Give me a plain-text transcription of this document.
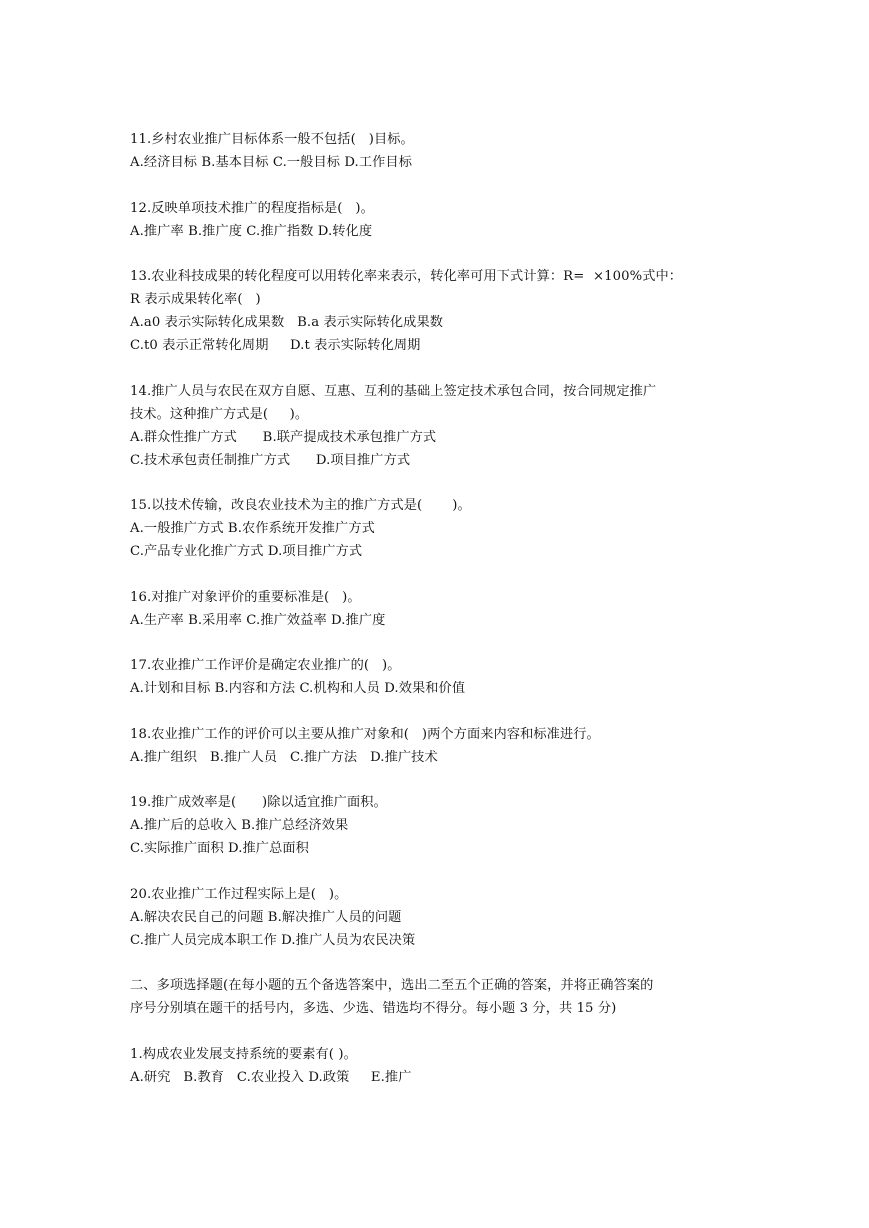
11.乡村农业推广目标体系一般不包括(   )目标。
A.经济目标 B.基本目标 C.一般目标 D.工作目标
12.反映单项技术推广的程度指标是(   )。
A.推广率 B.推广度 C.推广指数 D.转化度
13.农业科技成果的转化程度可以用转化率来表示，转化率可用下式计算：R=  ×100%式中：
R 表示成果转化率(   )
A.a0 表示实际转化成果数   B.a 表示实际转化成果数
C.t0 表示正常转化周期     D.t 表示实际转化周期
14.推广人员与农民在双方自愿、互惠、互利的基础上签定技术承包合同，按合同规定推广
技术。这种推广方式是(     )。
A.群众性推广方式      B.联产提成技术承包推广方式
C.技术承包责任制推广方式      D.项目推广方式
15.以技术传输，改良农业技术为主的推广方式是(       )。
A.一般推广方式 B.农作系统开发推广方式
C.产品专业化推广方式 D.项目推广方式
16.对推广对象评价的重要标准是(   )。
A.生产率 B.采用率 C.推广效益率 D.推广度
17.农业推广工作评价是确定农业推广的(   )。
A.计划和目标 B.内容和方法 C.机构和人员 D.效果和价值
18.农业推广工作的评价可以主要从推广对象和(   )两个方面来内容和标准进行。
A.推广组织   B.推广人员   C.推广方法   D.推广技术
19.推广成效率是(      )除以适宜推广面积。
A.推广后的总收入 B.推广总经济效果
C.实际推广面积 D.推广总面积
20.农业推广工作过程实际上是(   )。
A.解决农民自己的问题 B.解决推广人员的问题
C.推广人员完成本职工作 D.推广人员为农民决策
二、多项选择题(在每小题的五个备选答案中，选出二至五个正确的答案，并将正确答案的
序号分别填在题干的括号内，多选、少选、错选均不得分。每小题 3 分，共 15 分)
1.构成农业发展支持系统的要素有( )。
A.研究   B.教育   C.农业投入 D.政策     E.推广
